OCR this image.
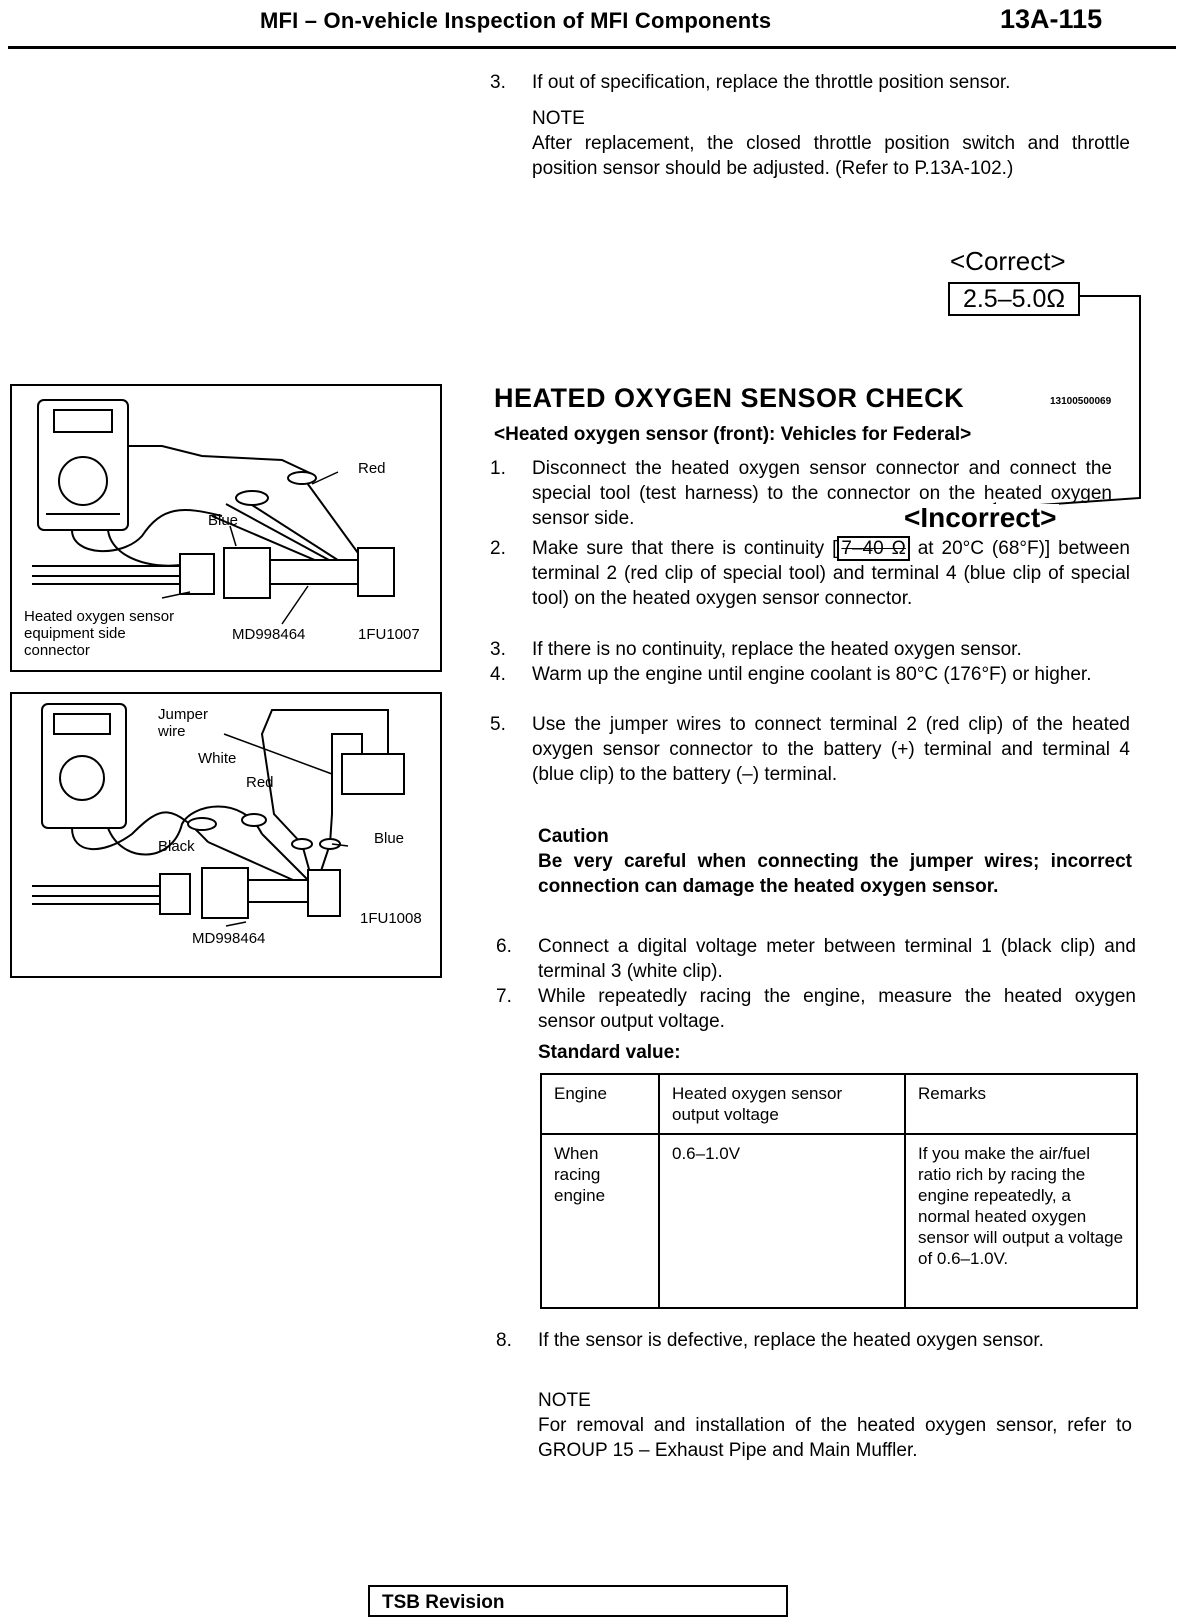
MFI – On-vehicle Inspection of MFI Components	13A-115
3.	If out of specification, replace the throttle position sensor.
NOTE
After replacement, the closed throttle position switch and throttle position sensor should be adjusted. (Refer to P.13A-102.)
<Correct>
2.5–5.0Ω
HEATED OXYGEN SENSOR CHECK	13100500069
<Heated oxygen sensor (front): Vehicles for Federal>
1.	Disconnect the heated oxygen sensor connector and connect the special tool (test harness) to the connector on the heated oxygen sensor side.	<Incorrect>
2.	Make sure that there is continuity [ 7–40 Ω at 20°C (68°F)] between terminal 2 (red clip of special tool) and terminal 4 (blue clip of special tool) on the heated oxygen sensor connector.
3.	If there is no continuity, replace the heated oxygen sensor.
4.	Warm up the engine until engine coolant is 80°C (176°F) or higher.
5.	Use the jumper wires to connect terminal 2 (red clip) of the heated oxygen sensor connector to the battery (+) terminal and terminal 4 (blue clip) to the battery (–) terminal.
Caution
Be very careful when connecting the jumper wires; incorrect connection can damage the heated oxygen sensor.
6.	Connect a digital voltage meter between terminal 1 (black clip) and terminal 3 (white clip).
7.	While repeatedly racing the engine, measure the heated oxygen sensor output voltage.
Standard value:
Engine	Heated oxygen sensor output voltage	Remarks
When racing engine	0.6–1.0V	If you make the air/fuel ratio rich by racing the engine repeatedly, a normal heated oxygen sensor will output a voltage of 0.6–1.0V.
8.	If the sensor is defective, replace the heated oxygen sensor.
NOTE
For removal and installation of the heated oxygen sensor, refer to GROUP 15 – Exhaust Pipe and Main Muffler.
Red
Blue
Heated oxygen sensor equipment side connector
MD998464	1FU1007
Jumper wire
White
Red
Black	Blue
MD998464
1FU1008
TSB Revision
